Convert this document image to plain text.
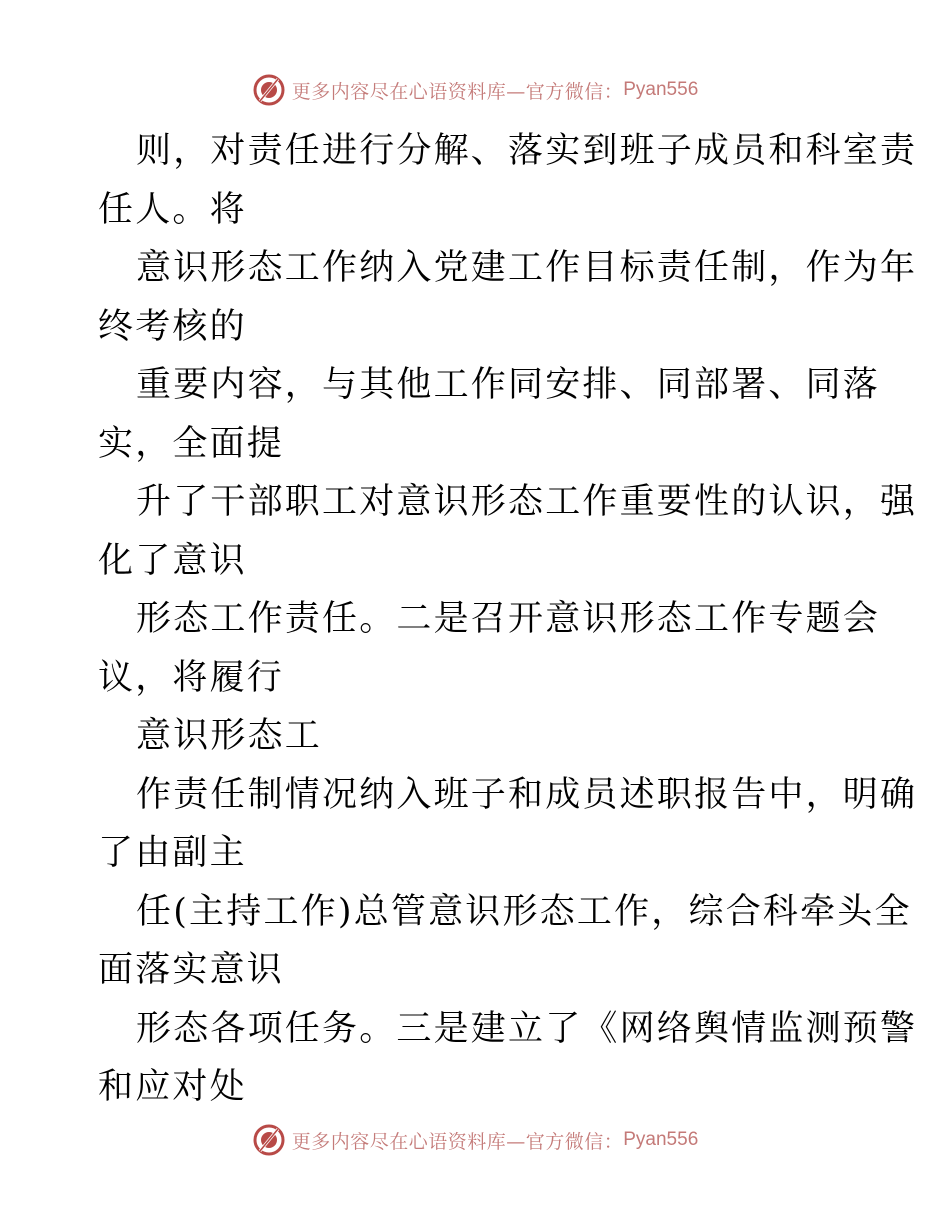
更多内容尽在心语资料库—官方微信： Pyan556
则，对责任进行分解、落实到班子成员和科室责
任人。将
意识形态工作纳入党建工作目标责任制，作为年
终考核的
重要内容，与其他工作同安排、同部署、同落
实，全面提
升了干部职工对意识形态工作重要性的认识，强
化了意识
形态工作责任。二是召开意识形态工作专题会
议，将履行
意识形态工
作责任制情况纳入班子和成员述职报告中，明确
了由副主
任(主持工作)总管意识形态工作，综合科牵头全
面落实意识
形态各项任务。三是建立了《网络舆情监测预警
和应对处
更多内容尽在心语资料库—官方微信： Pyan556
